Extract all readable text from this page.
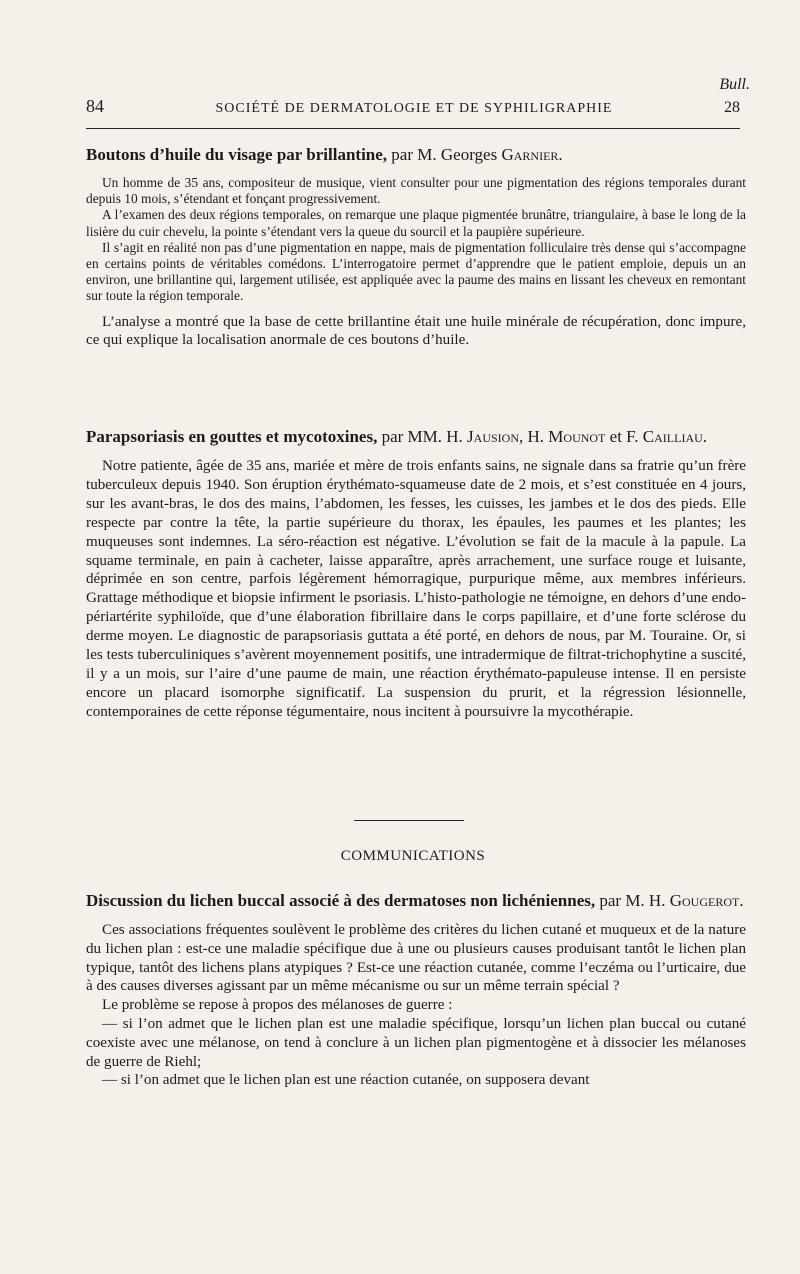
Bull.
84	SOCIÉTÉ DE DERMATOLOGIE ET DE SYPHILIGRAPHIE	28

Boutons d’huile du visage par brillantine, par M. Georges Garnier.

Un homme de 35 ans, compositeur de musique, vient consulter pour une pigmentation des régions temporales durant depuis 10 mois, s’étendant et fonçant progressivement.

A l’examen des deux régions temporales, on remarque une plaque pigmentée brunâtre, triangulaire, à base le long de la lisière du cuir chevelu, la pointe s’étendant vers la queue du sourcil et la paupière supérieure.

Il s’agit en réalité non pas d’une pigmentation en nappe, mais de pigmentation folliculaire très dense qui s’accompagne en certains points de véritables comédons. L’interrogatoire permet d’apprendre que le patient emploie, depuis un an environ, une brillantine qui, largement utilisée, est appliquée avec la paume des mains en lissant les cheveux en remontant sur toute la région temporale.

L’analyse a montré que la base de cette brillantine était une huile minérale de récupération, donc impure, ce qui explique la localisation anormale de ces boutons d’huile.

Parapsoriasis en gouttes et mycotoxines, par MM. H. Jausion, H. Mounot et F. Cailliau.

Notre patiente, âgée de 35 ans, mariée et mère de trois enfants sains, ne signale dans sa fratrie qu’un frère tuberculeux depuis 1940. Son éruption érythémato-squameuse date de 2 mois, et s’est constituée en 4 jours, sur les avant-bras, le dos des mains, l’abdomen, les fesses, les cuisses, les jambes et le dos des pieds. Elle respecte par contre la tête, la partie supérieure du thorax, les épaules, les paumes et les plantes; les muqueuses sont indemnes. La séro-réaction est négative. L’évolution se fait de la macule à la papule. La squame terminale, en pain à cacheter, laisse apparaître, après arrachement, une surface rouge et luisante, déprimée en son centre, parfois légèrement hémorragique, purpurique même, aux membres inférieurs. Grattage méthodique et biopsie infirment le psoriasis. L’histo-pathologie ne témoigne, en dehors d’une endo-périartérite syphiloïde, que d’une élaboration fibrillaire dans le corps papillaire, et d’une forte sclérose du derme moyen. Le diagnostic de parapsoriasis guttata a été porté, en dehors de nous, par M. Touraine. Or, si les tests tuberculiniques s’avèrent moyennement positifs, une intradermique de filtrat-trichophytine a suscité, il y a un mois, sur l’aire d’une paume de main, une réaction érythémato-papuleuse intense. Il en persiste encore un placard isomorphe significatif. La suspension du prurit, et la régression lésionnelle, contemporaines de cette réponse tégumentaire, nous incitent à poursuivre la mycothérapie.

COMMUNICATIONS

Discussion du lichen buccal associé à des dermatoses non lichéniennes, par M. H. Gougerot.

Ces associations fréquentes soulèvent le problème des critères du lichen cutané et muqueux et de la nature du lichen plan : est-ce une maladie spécifique due à une ou plusieurs causes produisant tantôt le lichen plan typique, tantôt des lichens plans atypiques ? Est-ce une réaction cutanée, comme l’eczéma ou l’urticaire, due à des causes diverses agissant par un même mécanisme ou sur un même terrain spécial ?

Le problème se repose à propos des mélanoses de guerre :

— si l’on admet que le lichen plan est une maladie spécifique, lorsqu’un lichen plan buccal ou cutané coexiste avec une mélanose, on tend à conclure à un lichen plan pigmentogène et à dissocier les mélanoses de guerre de Riehl;

— si l’on admet que le lichen plan est une réaction cutanée, on supposera devant
